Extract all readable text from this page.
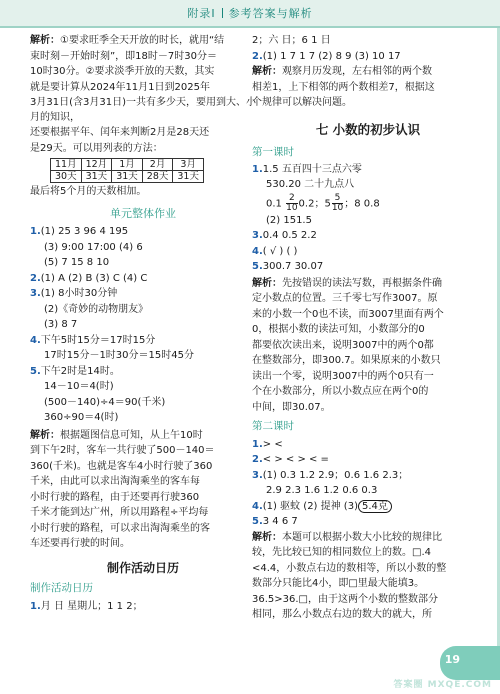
附录Ⅰ 参考答案与解析
解析：①要求旺季全天开放的时长，就用“结
束时刻－开始时刻”，即18时－7时30分＝
10时30分。②要求淡季开放的天数，其实
就是要计算从2024年11月1日到2025年
3月31日(含3月31日)一共有多少天，要用到大、小月的知识，
还要根据平年、闰年来判断2月是28天还
是29天。可以用列表的方法：
11月	12月	1月	2月	3月
30天	31天	31天	28天	31天
最后将5个月的天数相加。
单元整体作业
1.(1) 25 3 96 4 195
(3) 9:00 17:00 (4) 6
(5) 7 15 8 10
2.(1) A (2) B (3) C (4) C
3.(1) 8小时30分钟
(2)《奇妙的动物朋友》
(3) 8 7
4.下午5时15分＝17时15分
17时15分－1时30分＝15时45分
5.下午2时是14时。
14－10＝4(时)
(500－140)÷4＝90(千米)
360÷90＝4(时)
解析：根据题图信息可知，从上午10时
到下午2时，客车一共行驶了500－140＝
360(千米)。也就是客车4小时行驶了360
千米，由此可以求出淘淘乘坐的客车每
小时行驶的路程，由于还要再行驶360
千米才能到达广州，所以用路程÷平均每
小时行驶的路程，可以求出淘淘乘坐的客
车还要再行驶的时间。
制作活动日历
制作活动日历
1.月 日 星期儿；1 1 2；
2；六 日；6 1 日
2.(1) 1 7 1 7 (2) 8 9 (3) 10 17
解析：观察月历发现，左右相邻的两个数
相差1，上下相邻的两个数相差7，根据这
个规律可以解决问题。
七 小数的初步认识
第一课时
1.1.5 五百四十三点六零
530.20 二十九点八
$0.1 \frac{2}{10} 0.2$；$5 \frac{5}{10}$ ；8 0.8
(2) 151.5
3.0.4 0.5 2.2
4.( √ ) ( )
5.300.7 30.07
解析：先按错误的读法写数，再根据条件确
定小数点的位置。三千零七写作3007。原
来的小数一个0也不读，而3007里面有两个
0，根据小数的读法可知，小数部分的0
都要依次读出来，说明3007中的两个0都
在整数部分，即300.7。如果原来的小数只
读出一个零，说明3007中的两个0只有一
个在小数部分，所以小数点应在两个0的
中间，即30.07。
第二课时
1.> <
2.< > < > < =
3.(1) 0.3 1.2 2.9；0.6 1.6 2.3；
2.9 2.3 1.6 1.2 0.6 0.3
4.(1) 驱蚊 (2) 提神 (3) 5.4克
5.3 4 6 7
解析：本题可以根据小数大小比较的规律比
较，先比较已知的相同数位上的数。□.4
<4.4，小数点右边的数相等，所以小数的整
数部分只能比4小，即□里最大能填3。
36.5>36.□，由于这两个小数的整数部分
相同，那么小数点右边的数大的就大，所
19
答案圈 MXQE.COM
